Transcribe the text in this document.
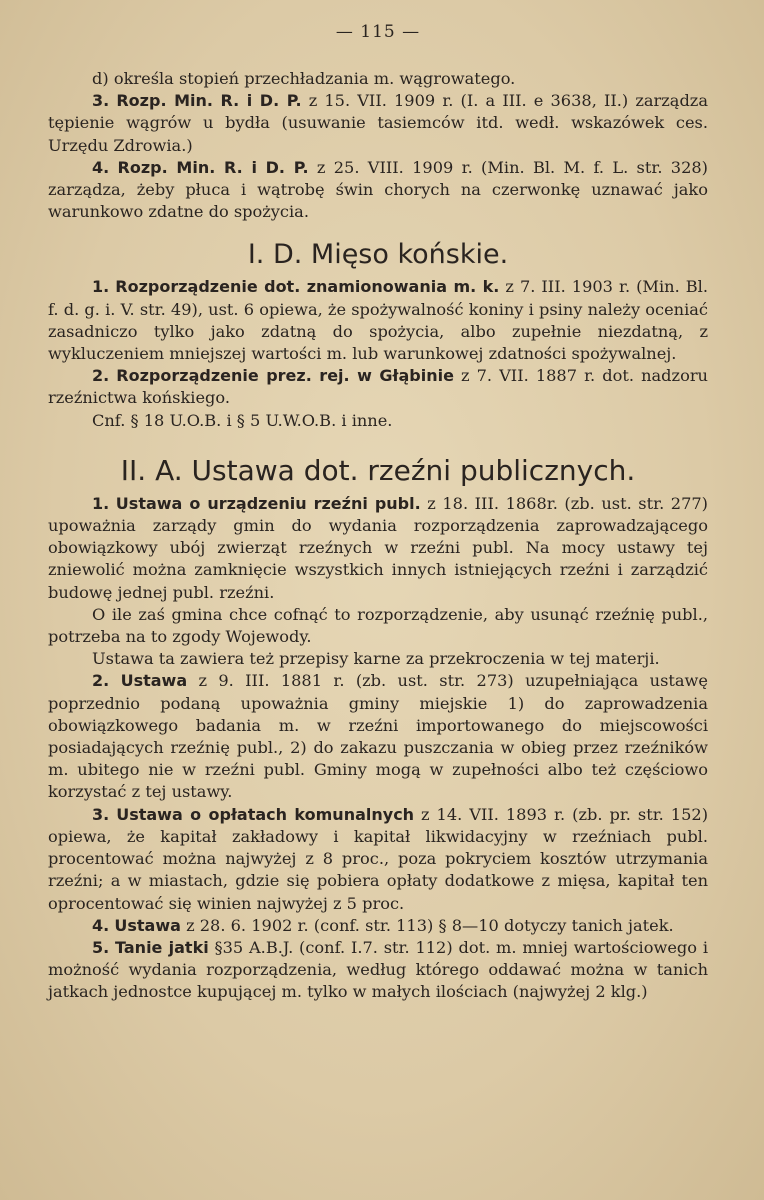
— 115 —

d) określa stopień przechładzania m. wągrowatego.

3. Rozp. Min. R. i D. P. z 15. VII. 1909 r. (I. a III. e 3638, II.) zarządza tępienie wągrów u bydła (usuwanie tasiemców itd. wedł. wskazówek ces. Urzędu Zdrowia.)

4. Rozp. Min. R. i D. P. z 25. VIII. 1909 r. (Min. Bl. M. f. L. str. 328) zarządza, żeby płuca i wątrobę świn chorych na czerwonkę uznawać jako warunkowo zdatne do spożycia.

I. D. Mięso końskie.

1. Rozporządzenie dot. znamionowania m. k. z 7. III. 1903 r. (Min. Bl. f. d. g. i. V. str. 49), ust. 6 opiewa, że spożywalność koniny i psiny należy oceniać zasadniczo tylko jako zdatną do spożycia, albo zupełnie niezdatną, z wykluczeniem mniejszej wartości m. lub warunkowej zdatności spożywalnej.

2. Rozporządzenie prez. rej. w Głąbinie z 7. VII. 1887 r. dot. nadzoru rzeźnictwa końskiego.

Cnf. § 18 U.O.B. i § 5 U.W.O.B. i inne.

II. A. Ustawa dot. rzeźni publicznych.

1. Ustawa o urządzeniu rzeźni publ. z 18. III. 1868r. (zb. ust. str. 277) upoważnia zarządy gmin do wydania rozporządzenia zaprowadzającego obowiązkowy ubój zwierząt rzeźnych w rzeźni publ. Na mocy ustawy tej zniewolić można zamknięcie wszystkich innych istniejących rzeźni i zarządzić budowę jednej publ. rzeźni.

O ile zaś gmina chce cofnąć to rozporządzenie, aby usunąć rzeźnię publ., potrzeba na to zgody Wojewody.

Ustawa ta zawiera też przepisy karne za przekroczenia w tej materji.

2. Ustawa z 9. III. 1881 r. (zb. ust. str. 273) uzupełniająca ustawę poprzednio podaną upoważnia gminy miejskie 1) do zaprowadzenia obowiązkowego badania m. w rzeźni importowanego do miejscowości posiadających rzeźnię publ., 2) do zakazu puszczania w obieg przez rzeźników m. ubitego nie w rzeźni publ. Gminy mogą w zupełności albo też częściowo korzystać z tej ustawy.

3. Ustawa o opłatach komunalnych z 14. VII. 1893 r. (zb. pr. str. 152) opiewa, że kapitał zakładowy i kapitał likwidacyjny w rzeźniach publ. procentować można najwyżej z 8 proc., poza pokryciem kosztów utrzymania rzeźni; a w miastach, gdzie się pobiera opłaty dodatkowe z mięsa, kapitał ten oprocentować się winien najwyżej z 5 proc.

4. Ustawa z 28. 6. 1902 r. (conf. str. 113) § 8—10 dotyczy tanich jatek.

5. Tanie jatki §35 A.B.J. (conf. I.7. str. 112) dot. m. mniej wartościowego i możność wydania rozporządzenia, według którego oddawać można w tanich jatkach jednostce kupującej m. tylko w małych ilościach (najwyżej 2 klg.)
